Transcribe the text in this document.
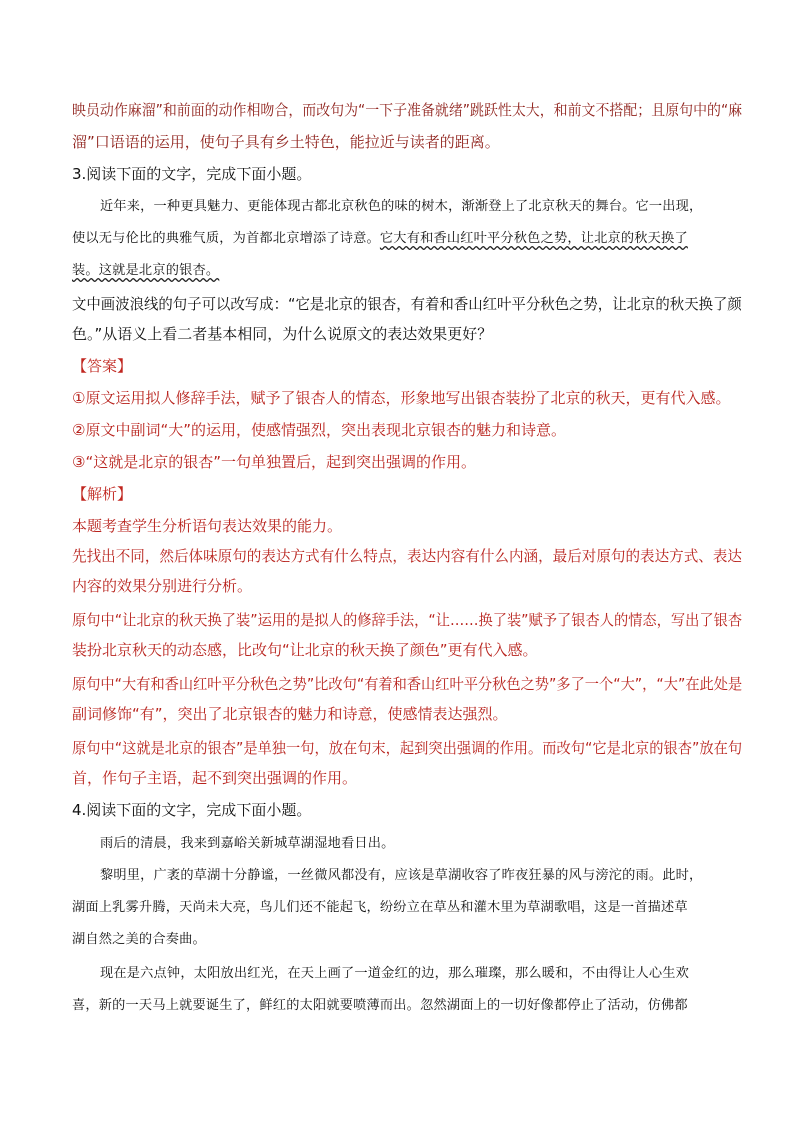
映员动作麻溜”和前面的动作相吻合，而改句为“一下子准备就绪”跳跃性太大，和前文不搭配；且原句中的“麻
溜”口语语的运用，使句子具有乡土特色，能拉近与读者的距离。
3.阅读下面的文字，完成下面小题。
近年来，一种更具魅力、更能体现古都北京秋色的味的树木，渐渐登上了北京秋天的舞台。它一出现，
使以无与伦比的典雅气质，为首都北京增添了诗意。它大有和香山红叶平分秋色之势，让北京的秋天换了
装。这就是北京的银杏。
文中画波浪线的句子可以改写成：“它是北京的银杏，有着和香山红叶平分秋色之势，让北京的秋天换了颜
色。”从语义上看二者基本相同，为什么说原文的表达效果更好？
【答案】
①原文运用拟人修辞手法，赋予了银杏人的情态，形象地写出银杏装扮了北京的秋天，更有代入感。
②原文中副词“大”的运用，使感情强烈，突出表现北京银杏的魅力和诗意。
③“这就是北京的银杏”一句单独置后，起到突出强调的作用。
【解析】
本题考查学生分析语句表达效果的能力。
先找出不同，然后体味原句的表达方式有什么特点，表达内容有什么内涵，最后对原句的表达方式、表达
内容的效果分别进行分析。
原句中“让北京的秋天换了装”运用的是拟人的修辞手法，“让……换了装”赋予了银杏人的情态，写出了银杏
装扮北京秋天的动态感，比改句“让北京的秋天换了颜色”更有代入感。
原句中“大有和香山红叶平分秋色之势”比改句“有着和香山红叶平分秋色之势”多了一个“大”，“大”在此处是
副词修饰“有”，突出了北京银杏的魅力和诗意，使感情表达强烈。
原句中“这就是北京的银杏”是单独一句，放在句末，起到突出强调的作用。而改句“它是北京的银杏”放在句
首，作句子主语，起不到突出强调的作用。
4.阅读下面的文字，完成下面小题。
雨后的清晨，我来到嘉峪关新城草湖湿地看日出。
黎明里，广袤的草湖十分静谧，一丝微风都没有，应该是草湖收容了昨夜狂暴的风与滂沱的雨。此时，
湖面上乳雾升腾，天尚未大亮，鸟儿们还不能起飞，纷纷立在草丛和灌木里为草湖歌唱，这是一首描述草
湖自然之美的合奏曲。
现在是六点钟，太阳放出红光，在天上画了一道金红的边，那么璀璨，那么暖和，不由得让人心生欢
喜，新的一天马上就要诞生了，鲜红的太阳就要喷薄而出。忽然湖面上的一切好像都停止了活动，仿佛都
